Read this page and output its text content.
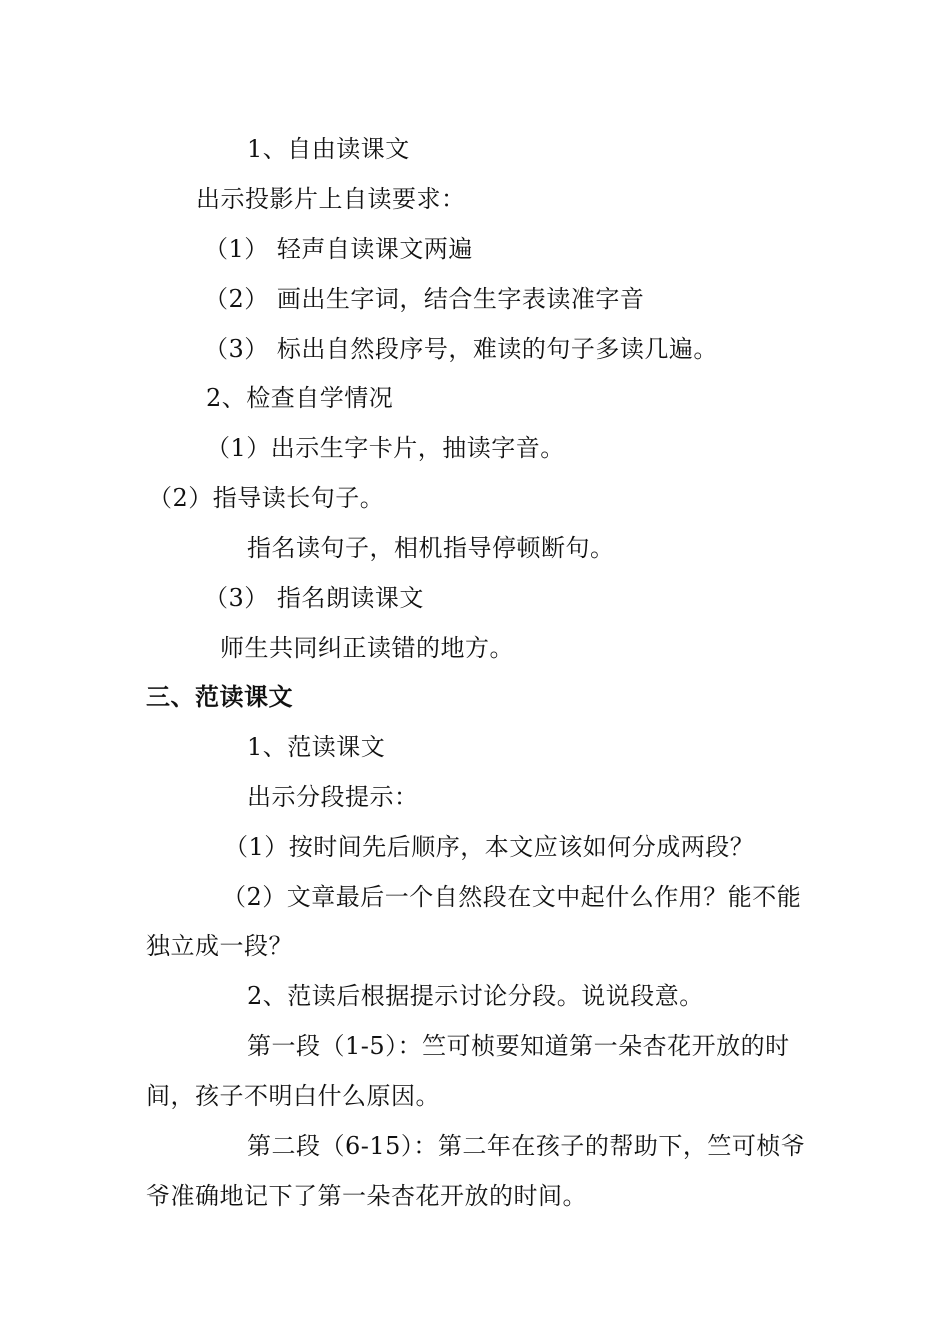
1、自由读课文
出示投影片上自读要求：
（1） 轻声自读课文两遍
（2） 画出生字词，结合生字表读准字音
（3） 标出自然段序号，难读的句子多读几遍。
2、检查自学情况
（1）出示生字卡片，抽读字音。
（2）指导读长句子。
指名读句子，相机指导停顿断句。
（3） 指名朗读课文
师生共同纠正读错的地方。
三、范读课文
1、范读课文
出示分段提示：
（1）按时间先后顺序，本文应该如何分成两段？
（2）文章最后一个自然段在文中起什么作用？能不能
独立成一段？
2、范读后根据提示讨论分段。说说段意。
第一段（1-5）：竺可桢要知道第一朵杏花开放的时
间，孩子不明白什么原因。
第二段（6-15）：第二年在孩子的帮助下，竺可桢爷
爷准确地记下了第一朵杏花开放的时间。
